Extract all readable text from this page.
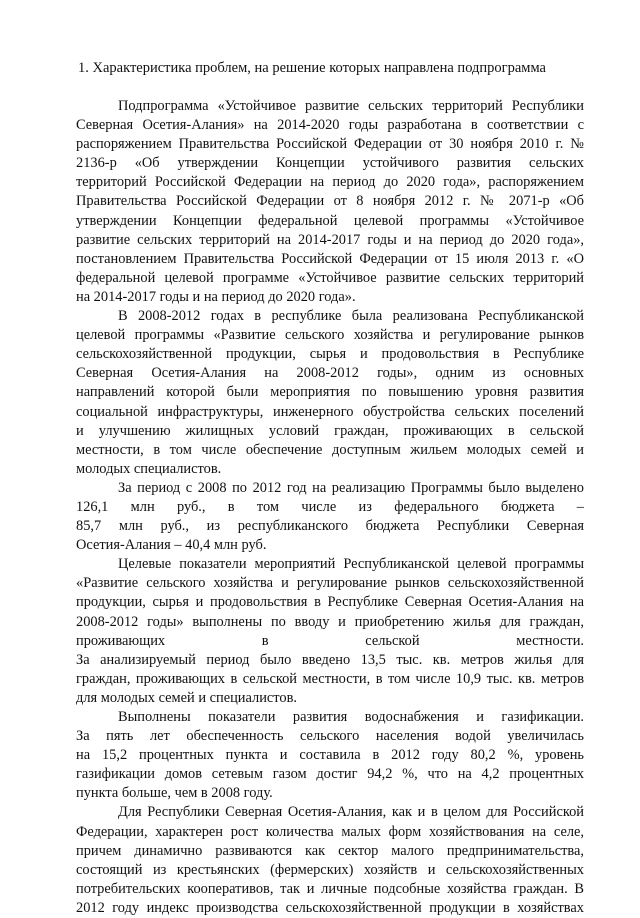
1. Характеристика проблем, на решение которых направлена подпрограмма
Подпрограмма «Устойчивое развитие сельских территорий Республики
Северная Осетия-Алания» на 2014-2020 годы разработана в соответствии с
распоряжением Правительства Российской Федерации от 30 ноября 2010 г. №
2136-р «Об утверждении Концепции устойчивого развития сельских
территорий Российской Федерации на период до 2020 года», распоряжением
Правительства Российской Федерации от 8 ноября 2012 г. № 2071-р «Об
утверждении Концепции федеральной целевой программы «Устойчивое
развитие сельских территорий на 2014-2017 годы и на период до 2020 года»,
постановлением Правительства Российской Федерации от 15 июля 2013 г. «О
федеральной целевой программе «Устойчивое развитие сельских территорий
на 2014-2017 годы и на период до 2020 года».
В 2008-2012 годах в республике была реализована Республиканской
целевой программы «Развитие сельского хозяйства и регулирование рынков
сельскохозяйственной продукции, сырья и продовольствия в Республике
Северная Осетия-Алания на 2008-2012 годы», одним из основных
направлений которой были мероприятия по повышению уровня развития
социальной инфраструктуры, инженерного обустройства сельских поселений
и улучшению жилищных условий граждан, проживающих в сельской
местности, в том числе обеспечение доступным жильем молодых семей и
молодых специалистов.
За период с 2008 по 2012 год на реализацию Программы было выделено
126,1 млн руб., в том числе из федерального бюджета –
85,7 млн руб., из республиканского бюджета Республики Северная
Осетия-Алания – 40,4 млн руб.
Целевые показатели мероприятий Республиканской целевой программы
«Развитие сельского хозяйства и регулирование рынков сельскохозяйственной
продукции, сырья и продовольствия в Республике Северная Осетия-Алания на
2008-2012 годы» выполнены по вводу и приобретению жилья для граждан,
проживающих в сельской местности.
За анализируемый период было введено 13,5 тыс. кв. метров жилья для
граждан, проживающих в сельской местности, в том числе 10,9 тыс. кв. метров
для молодых семей и специалистов.
Выполнены показатели развития водоснабжения и газификации.
За пять лет обеспеченность сельского населения водой увеличилась
на 15,2 процентных пункта и составила в 2012 году 80,2 %, уровень
газификации домов сетевым газом достиг 94,2 %, что на 4,2 процентных
пункта больше, чем в 2008 году.
Для Республики Северная Осетия-Алания, как и в целом для Российской
Федерации, характерен рост количества малых форм хозяйствования на селе,
причем динамично развиваются как сектор малого предпринимательства,
состоящий из крестьянских (фермерских) хозяйств и сельскохозяйственных
потребительских кооперативов, так и личные подсобные хозяйства граждан. В
2012 году индекс производства сельскохозяйственной продукции в хозяйствах
